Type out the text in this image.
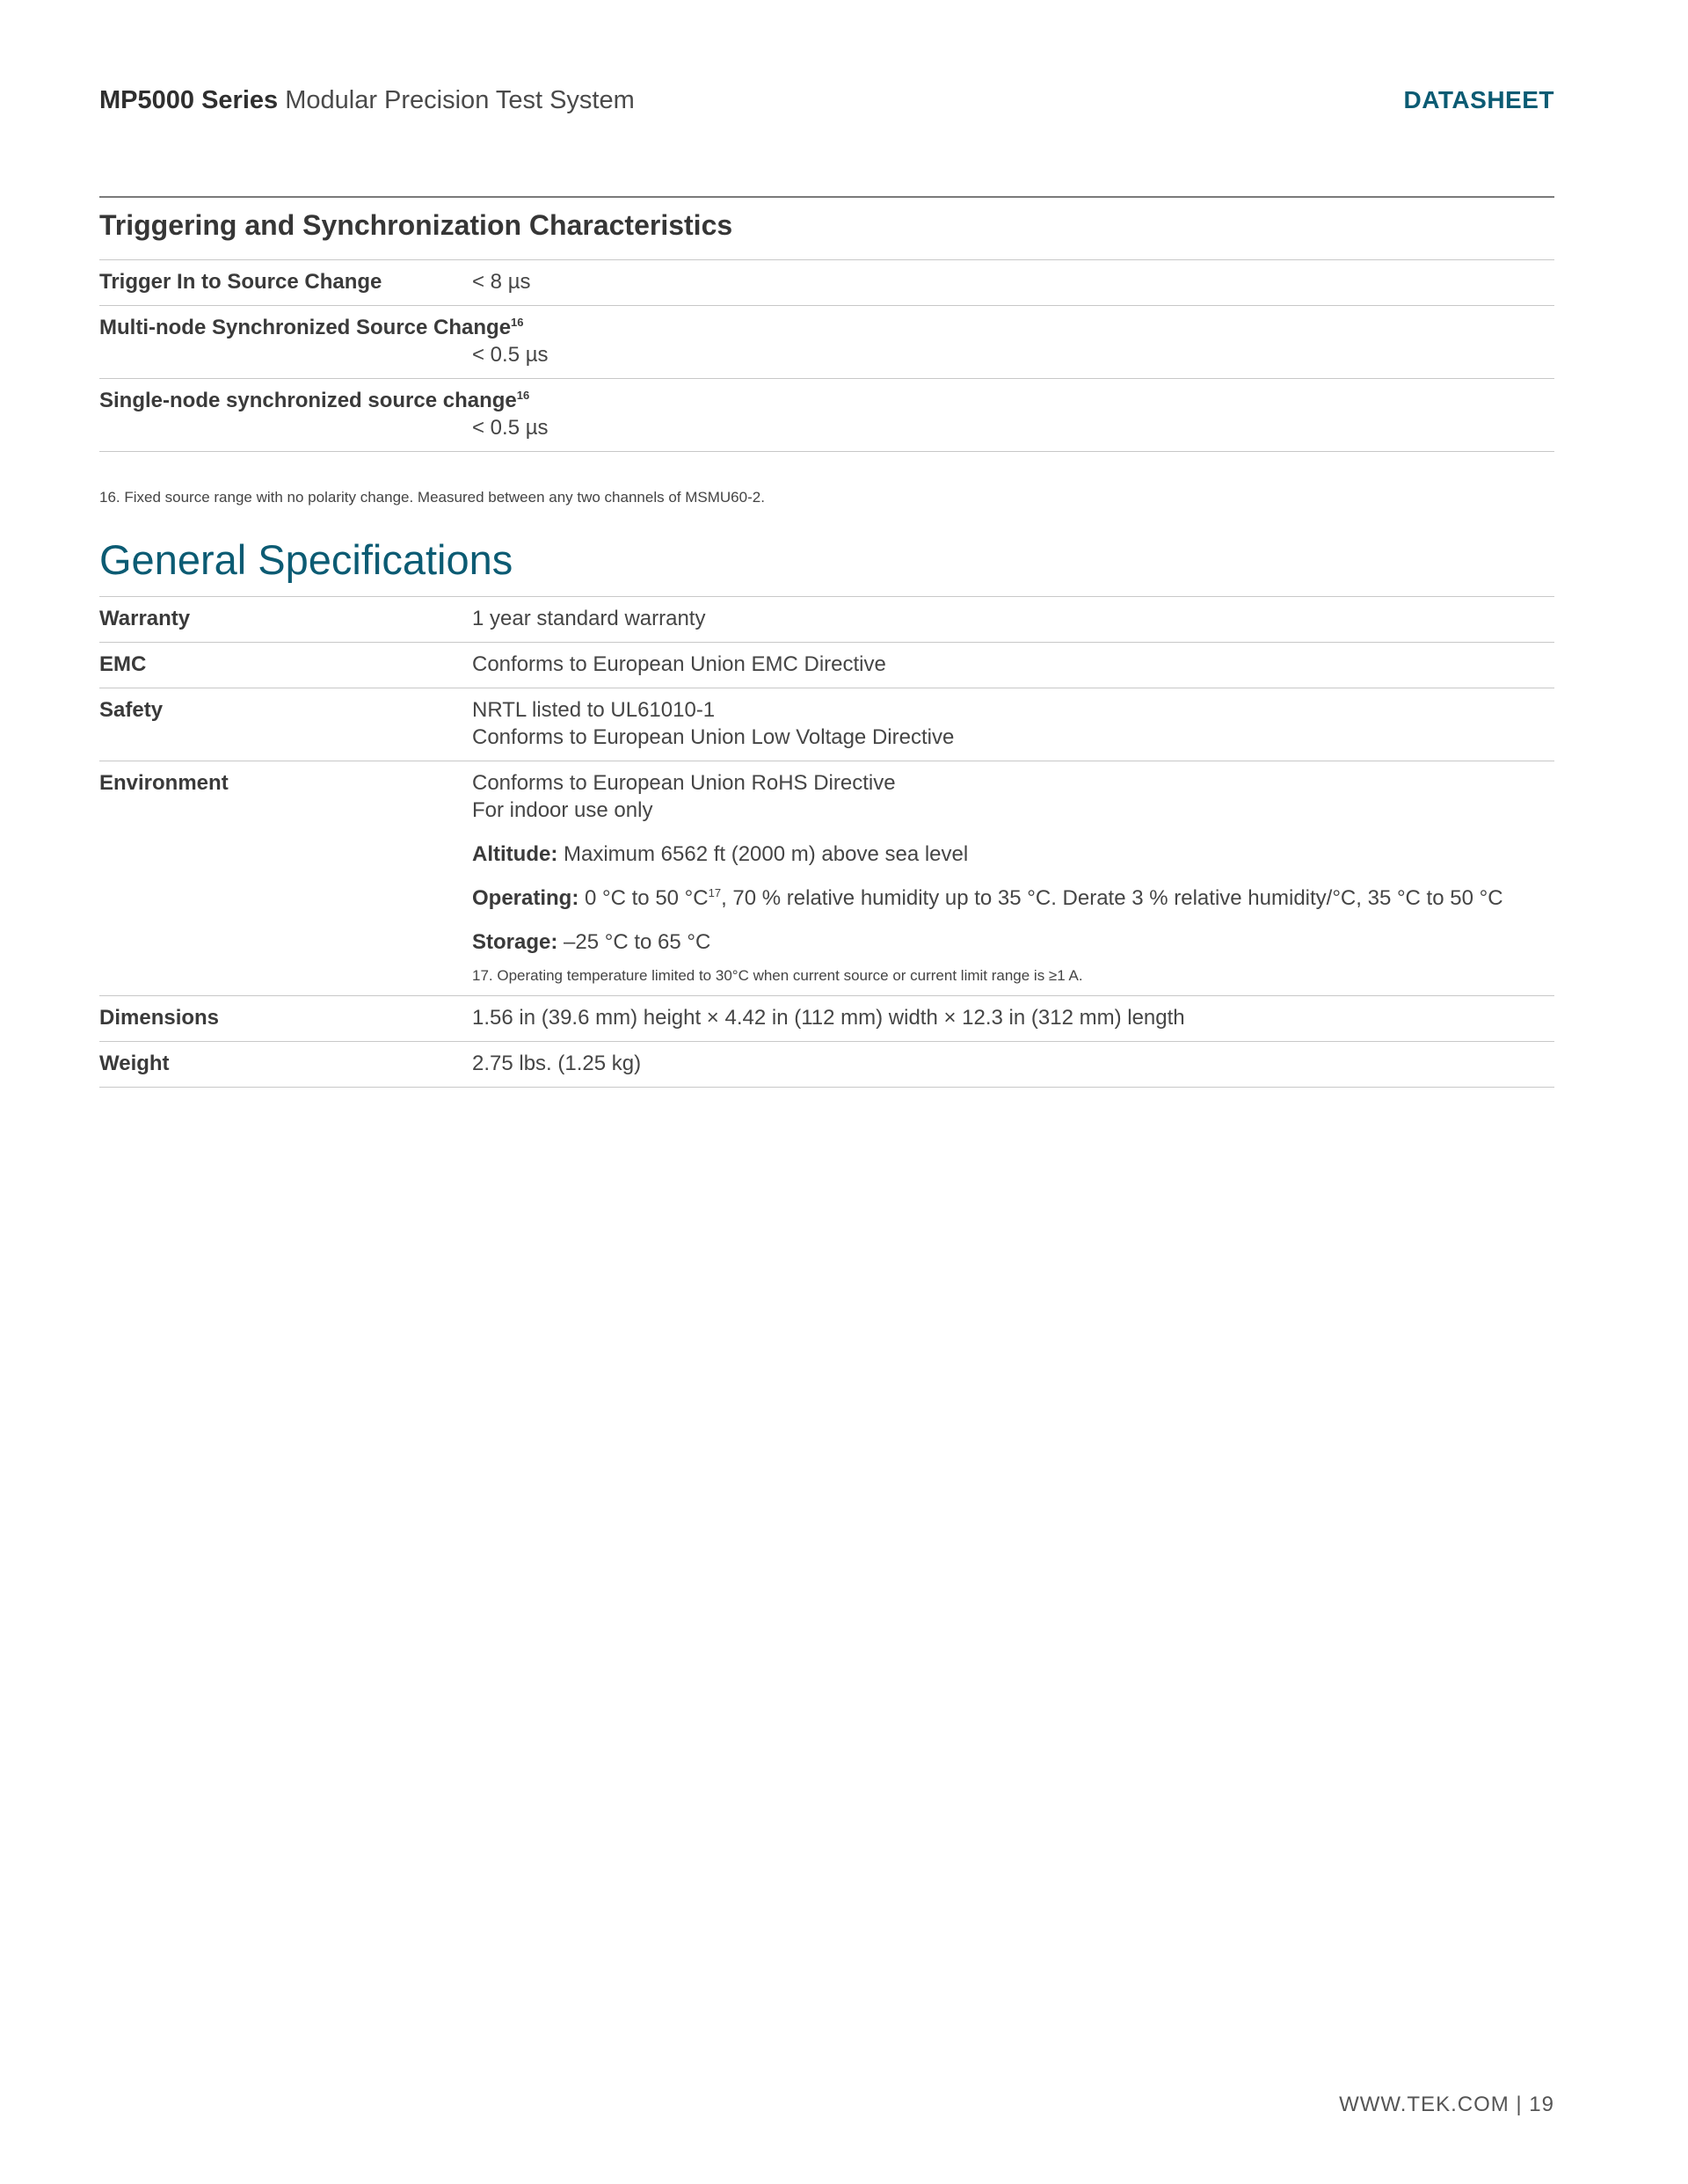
MP5000 Series Modular Precision Test System	DATASHEET
Triggering and Synchronization Characteristics
Trigger In to Source Change	< 8 µs
Multi-node Synchronized Source Change$^{16}$
< 0.5 µs
Single-node synchronized source change$^{16}$
< 0.5 µs
16. Fixed source range with no polarity change. Measured between any two channels of MSMU60-2.
General Specifications
Warranty	1 year standard warranty
EMC	Conforms to European Union EMC Directive
Safety	NRTL listed to UL61010-1
Conforms to European Union Low Voltage Directive
Environment	Conforms to European Union RoHS Directive
For indoor use only
Altitude: Maximum 6562 ft (2000 m) above sea level
Operating: 0 °C to 50 $^\circ C^{17}$, 70 % relative humidity up to 35 °C. Derate 3 % relative humidity/°C, 35 °C to 50 °C
Storage: –25 °C to 65 °C
17. Operating temperature limited to 30°C when current source or current limit range is ≥1 A.
Dimensions	1.56 in (39.6 mm) height × 4.42 in (112 mm) width × 12.3 in (312 mm) length
Weight	2.75 lbs. (1.25 kg)
WWW.TEK.COM | 19
